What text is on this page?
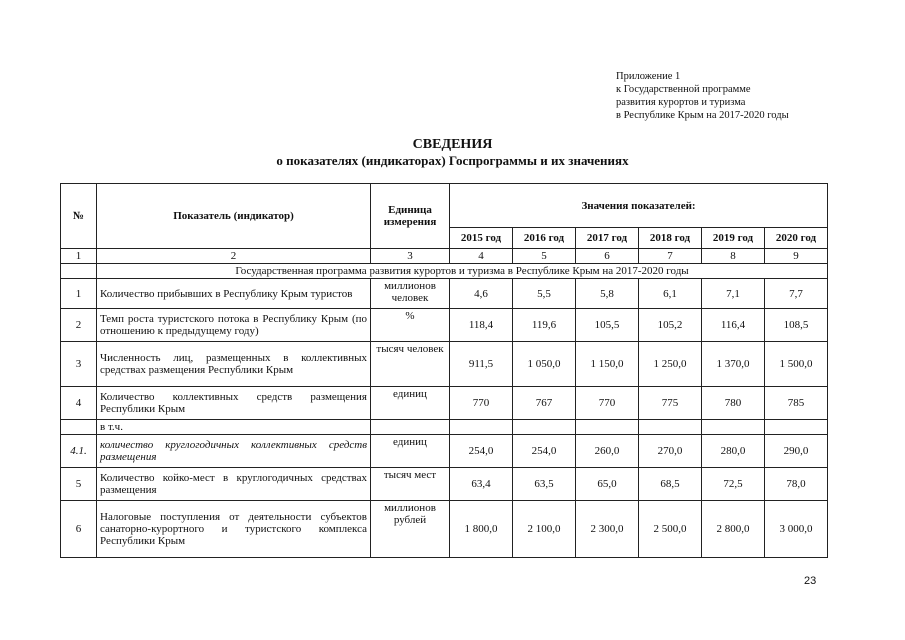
Приложение 1
к Государственной программе
развития курортов и туризма
в Республике Крым на 2017-2020 годы
СВЕДЕНИЯ
о показателях (индикаторах) Госпрограммы и их значениях
№	Показатель (индикатор)	Единица измерения	Значения показателей:					
			2015 год	2016 год	2017 год	2018 год	2019 год	2020 год
1	2	3	4	5	6	7	8	9
	Государственная программа развития курортов и туризма в Республике Крым на 2017-2020 годы							
1	Количество прибывших в Республику Крым туристов	миллионов человек	4,6	5,5	5,8	6,1	7,1	7,7
2	Темп роста туристского потока в Республику Крым (по отношению к предыдущему году)	%	118,4	119,6	105,5	105,2	116,4	108,5
3	Численность лиц, размещенных в коллективных средствах размещения Республики Крым	тысяч человек	911,5	1 050,0	1 150,0	1 250,0	1 370,0	1 500,0
4	Количество коллективных средств размещения Республики Крым	единиц	770	767	770	775	780	785
	в т.ч.							
4.1.	количество круглогодичных коллективных средств размещения	единиц	254,0	254,0	260,0	270,0	280,0	290,0
5	Количество койко-мест в круглогодичных средствах размещения	тысяч мест	63,4	63,5	65,0	68,5	72,5	78,0
6	Налоговые поступления от деятельности субъектов санаторно-курортного и туристского комплекса Республики Крым	миллионов рублей	1 800,0	2 100,0	2 300,0	2 500,0	2 800,0	3 000,0
23
